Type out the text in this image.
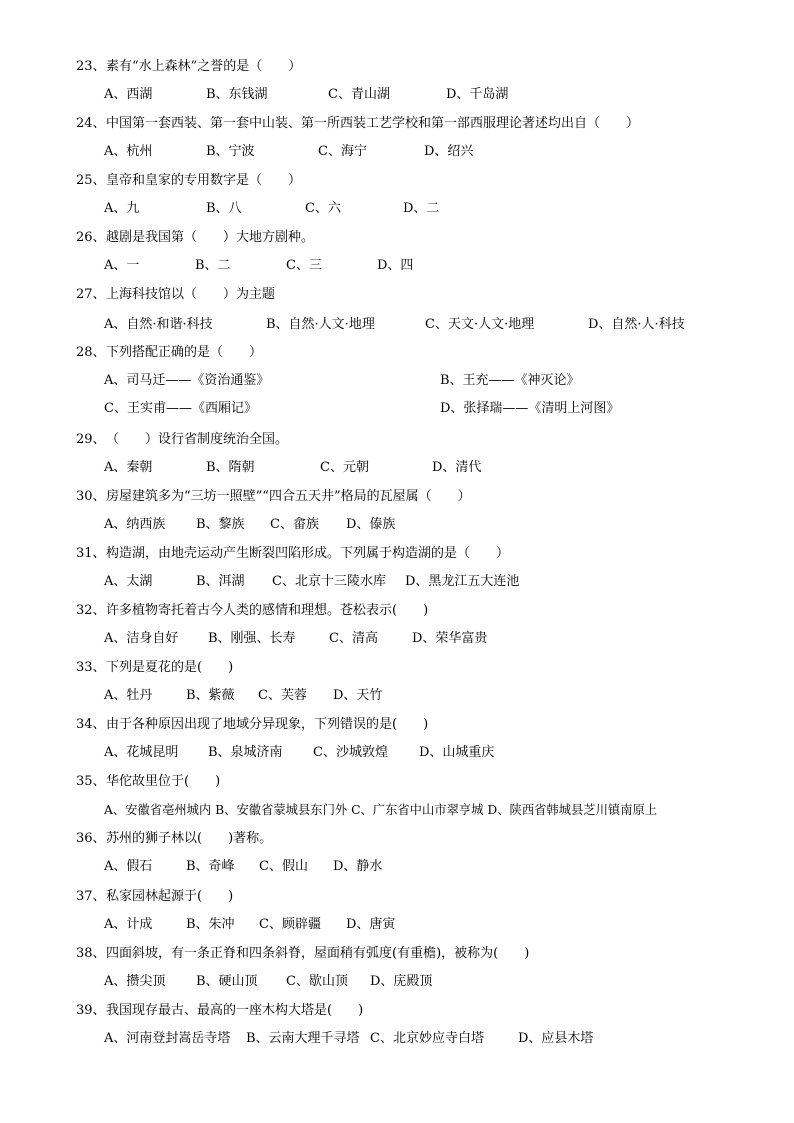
23、素有“水上森林”之誉的是（　　）
A、西湖	B、东钱湖	C、青山湖	D、千岛湖
24、中国第一套西装、第一套中山装、第一所西装工艺学校和第一部西服理论著述均出自（　　）
A、杭州	B、宁波	C、海宁	D、绍兴
25、皇帝和皇家的专用数字是（　　）
A、九	B、八	C、六	D、二
26、越剧是我国第（　　）大地方剧种。
A、一	B、二	C、三	D、四
27、上海科技馆以（　　）为主题
A、自然·和谐·科技	B、自然·人文·地理	C、天文·人文·地理	D、自然·人·科技
28、下列搭配正确的是（　　）
A、司马迁——《资治通鉴》	B、王充——《神灭论》
C、王实甫——《西厢记》	D、张择瑞——《清明上河图》
29、（　　）设行省制度统治全国。
A、秦朝	B、隋朝	C、元朝	D、清代
30、房屋建筑多为“三坊一照壁”“四合五天井”格局的瓦屋属（　　）
A、纳西族 B、黎族 C、畲族 D、傣族
31、构造湖，由地壳运动产生断裂凹陷形成。下列属于构造湖的是（　　）
A、太湖	B、洱湖 C、北京十三陵水库 D、黑龙江五大连池
32、许多植物寄托着古今人类的感情和理想。苍松表示(　　)
A、洁身自好 B、刚强、长寿	C、清高	D、荣华富贵
33、下列是夏花的是(　　)
A、牡丹	B、紫薇 C、芙蓉 D、天竹
34、由于各种原因出现了地域分异现象，下列错误的是(　　)
A、花城昆明 B、泉城济南 C、沙城敦煌 D、山城重庆
35、华佗故里位于(　　)
A、安徽省亳州城内 B、安徽省蒙城县东门外 C、广东省中山市翠亨城 D、陕西省韩城县芝川镇南原上
36、苏州的狮子林以(　　)著称。
A、假石	B、奇峰 C、假山 D、静水
37、私家园林起源于(　　)
A、计成	B、朱冲 C、顾辟疆 D、唐寅
38、四面斜坡，有一条正脊和四条斜脊，屋面稍有弧度(有重檐)，被称为(　　)
A、攒尖顶 B、硬山顶 C、歇山顶 D、庑殿顶
39、我国现存最古、最高的一座木构大塔是(　　)
A、河南登封嵩岳寺塔 B、云南大理千寻塔 C、北京妙应寺白塔	D、应县木塔
